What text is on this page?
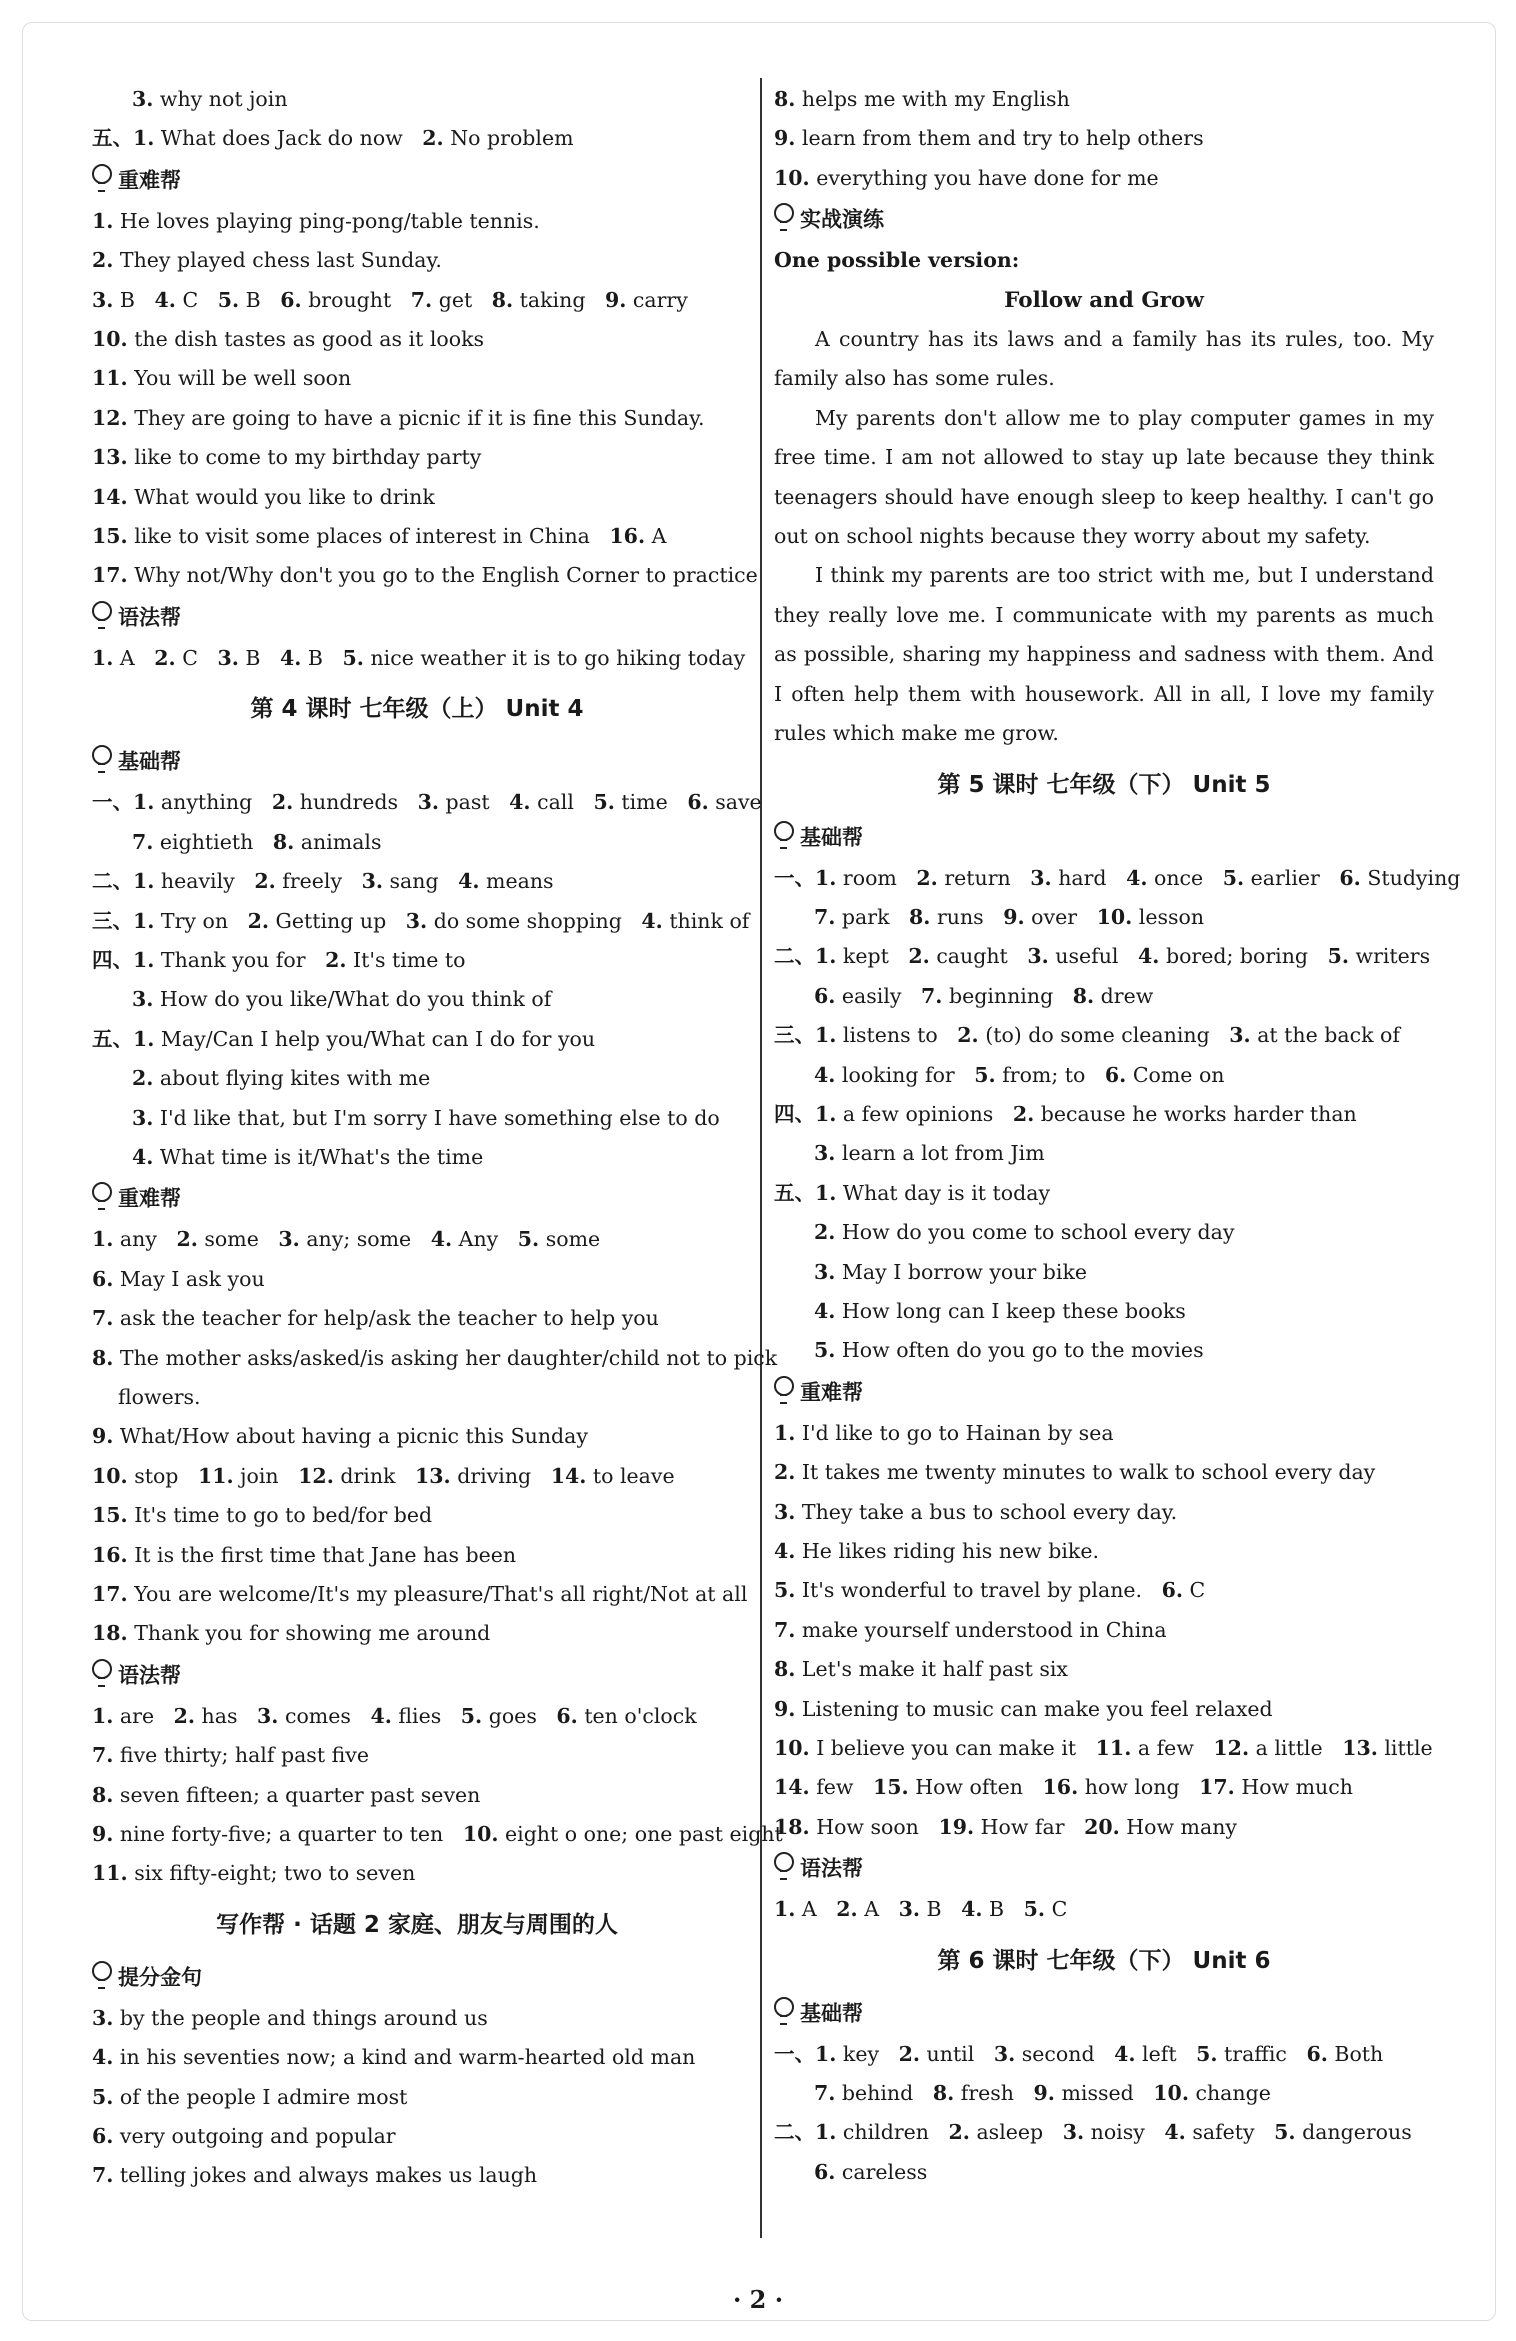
3. why not join
五、1. What does Jack do now   2. No problem
重难帮
1. He loves playing ping-pong/table tennis.
2. They played chess last Sunday.
3. B   4. C   5. B   6. brought   7. get   8. taking   9. carry
10. the dish tastes as good as it looks
11. You will be well soon
12. They are going to have a picnic if it is fine this Sunday.
13. like to come to my birthday party
14. What would you like to drink
15. like to visit some places of interest in China   16. A
17. Why not/Why don't you go to the English Corner to practice
语法帮
1. A   2. C   3. B   4. B   5. nice weather it is to go hiking today
第 4 课时 七年级（上） Unit 4
基础帮
一、1. anything   2. hundreds   3. past   4. call   5. time   6. save
7. eightieth   8. animals
二、1. heavily   2. freely   3. sang   4. means
三、1. Try on   2. Getting up   3. do some shopping   4. think of
四、1. Thank you for   2. It's time to
3. How do you like/What do you think of
五、1. May/Can I help you/What can I do for you
2. about flying kites with me
3. I'd like that, but I'm sorry I have something else to do
4. What time is it/What's the time
重难帮
1. any   2. some   3. any; some   4. Any   5. some
6. May I ask you
7. ask the teacher for help/ask the teacher to help you
8. The mother asks/asked/is asking her daughter/child not to pick
flowers.
9. What/How about having a picnic this Sunday
10. stop   11. join   12. drink   13. driving   14. to leave
15. It's time to go to bed/for bed
16. It is the first time that Jane has been
17. You are welcome/It's my pleasure/That's all right/Not at all
18. Thank you for showing me around
语法帮
1. are   2. has   3. comes   4. flies   5. goes   6. ten o'clock
7. five thirty; half past five
8. seven fifteen; a quarter past seven
9. nine forty-five; a quarter to ten   10. eight o one; one past eight
11. six fifty-eight; two to seven
写作帮 · 话题 2 家庭、朋友与周围的人
提分金句
3. by the people and things around us
4. in his seventies now; a kind and warm-hearted old man
5. of the people I admire most
6. very outgoing and popular
7. telling jokes and always makes us laugh
8. helps me with my English
9. learn from them and try to help others
10. everything you have done for me
实战演练
One possible version:
Follow and Grow
A country has its laws and a family has its rules, too. My family also has some rules.
My parents don't allow me to play computer games in my free time. I am not allowed to stay up late because they think teenagers should have enough sleep to keep healthy. I can't go out on school nights because they worry about my safety.
I think my parents are too strict with me, but I understand they really love me. I communicate with my parents as much as possible, sharing my happiness and sadness with them. And I often help them with housework. All in all, I love my family rules which make me grow.
第 5 课时 七年级（下） Unit 5
基础帮
一、1. room   2. return   3. hard   4. once   5. earlier   6. Studying
7. park   8. runs   9. over   10. lesson
二、1. kept   2. caught   3. useful   4. bored; boring   5. writers
6. easily   7. beginning   8. drew
三、1. listens to   2. (to) do some cleaning   3. at the back of
4. looking for   5. from; to   6. Come on
四、1. a few opinions   2. because he works harder than
3. learn a lot from Jim
五、1. What day is it today
2. How do you come to school every day
3. May I borrow your bike
4. How long can I keep these books
5. How often do you go to the movies
重难帮
1. I'd like to go to Hainan by sea
2. It takes me twenty minutes to walk to school every day
3. They take a bus to school every day.
4. He likes riding his new bike.
5. It's wonderful to travel by plane.   6. C
7. make yourself understood in China
8. Let's make it half past six
9. Listening to music can make you feel relaxed
10. I believe you can make it   11. a few   12. a little   13. little
14. few   15. How often   16. how long   17. How much
18. How soon   19. How far   20. How many
语法帮
1. A   2. A   3. B   4. B   5. C
第 6 课时 七年级（下） Unit 6
基础帮
一、1. key   2. until   3. second   4. left   5. traffic   6. Both
7. behind   8. fresh   9. missed   10. change
二、1. children   2. asleep   3. noisy   4. safety   5. dangerous
6. careless
· 2 ·
